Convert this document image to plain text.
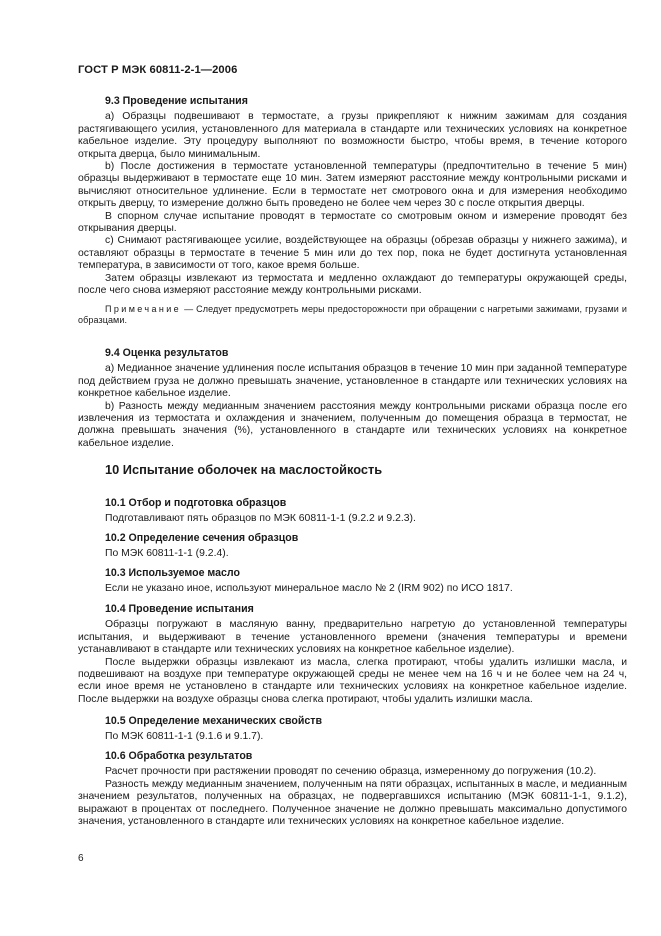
ГОСТ Р МЭК 60811-2-1—2006
9.3 Проведение испытания

а) Образцы подвешивают в термостате, а грузы прикрепляют к нижним зажимам для создания растягивающего усилия, установленного для материала в стандарте или технических условиях на конкретное кабельное изделие. Эту процедуру выполняют по возможности быстро, чтобы время, в течение которого открыта дверца, было минимальным.

b) После достижения в термостате установленной температуры (предпочтительно в течение 5 мин) образцы выдерживают в термостате еще 10 мин. Затем измеряют расстояние между контрольными рисками и вычисляют относительное удлинение. Если в термостате нет смотрового окна и для измерения необходимо открыть дверцу, то измерение должно быть проведено не более чем через 30 с после открытия дверцы.

В спорном случае испытание проводят в термостате со смотровым окном и измерение проводят без открывания дверцы.

с) Снимают растягивающее усилие, воздействующее на образцы (обрезав образцы у нижнего зажима), и оставляют образцы в термостате в течение 5 мин или до тех пор, пока не будет достигнута установленная температура, в зависимости от того, какое время больше.

Затем образцы извлекают из термостата и медленно охлаждают до температуры окружающей среды, после чего снова измеряют расстояние между контрольными рисками.

Примечание — Следует предусмотреть меры предосторожности при обращении с нагретыми зажимами, грузами и образцами.

9.4 Оценка результатов

а) Медианное значение удлинения после испытания образцов в течение 10 мин при заданной температуре под действием груза не должно превышать значение, установленное в стандарте или технических условиях на конкретное кабельное изделие.

b) Разность между медианным значением расстояния между контрольными рисками образца после его извлечения из термостата и охлаждения и значением, полученным до помещения образца в термостат, не должна превышать значения (%), установленного в стандарте или технических условиях на конкретное кабельное изделие.

10 Испытание оболочек на маслостойкость
10.1 Отбор и подготовка образцов

Подготавливают пять образцов по МЭК 60811-1-1 (9.2.2 и 9.2.3).

10.2 Определение сечения образцов

По МЭК 60811-1-1 (9.2.4).

10.3 Используемое масло

Если не указано иное, используют минеральное масло № 2 (IRM 902) по ИСО 1817.

10.4 Проведение испытания

Образцы погружают в масляную ванну, предварительно нагретую до установленной температуры испытания, и выдерживают в течение установленного времени (значения температуры и времени устанавливают в стандарте или технических условиях на конкретное кабельное изделие).

После выдержки образцы извлекают из масла, слегка протирают, чтобы удалить излишки масла, и подвешивают на воздухе при температуре окружающей среды не менее чем на 16 ч и не более чем на 24 ч, если иное время не установлено в стандарте или технических условиях на конкретное кабельное изделие. После выдержки на воздухе образцы снова слегка протирают, чтобы удалить излишки масла.

10.5 Определение механических свойств

По МЭК 60811-1-1 (9.1.6 и 9.1.7).

10.6 Обработка результатов

Расчет прочности при растяжении проводят по сечению образца, измеренному до погружения (10.2).

Разность между медианным значением, полученным на пяти образцах, испытанных в масле, и медианным значением результатов, полученных на образцах, не подвергавшихся испытанию (МЭК 60811-1-1, 9.1.2), выражают в процентах от последнего. Полученное значение не должно превышать максимально допустимого значения, установленного в стандарте или технических условиях на конкретное кабельное изделие.

6
